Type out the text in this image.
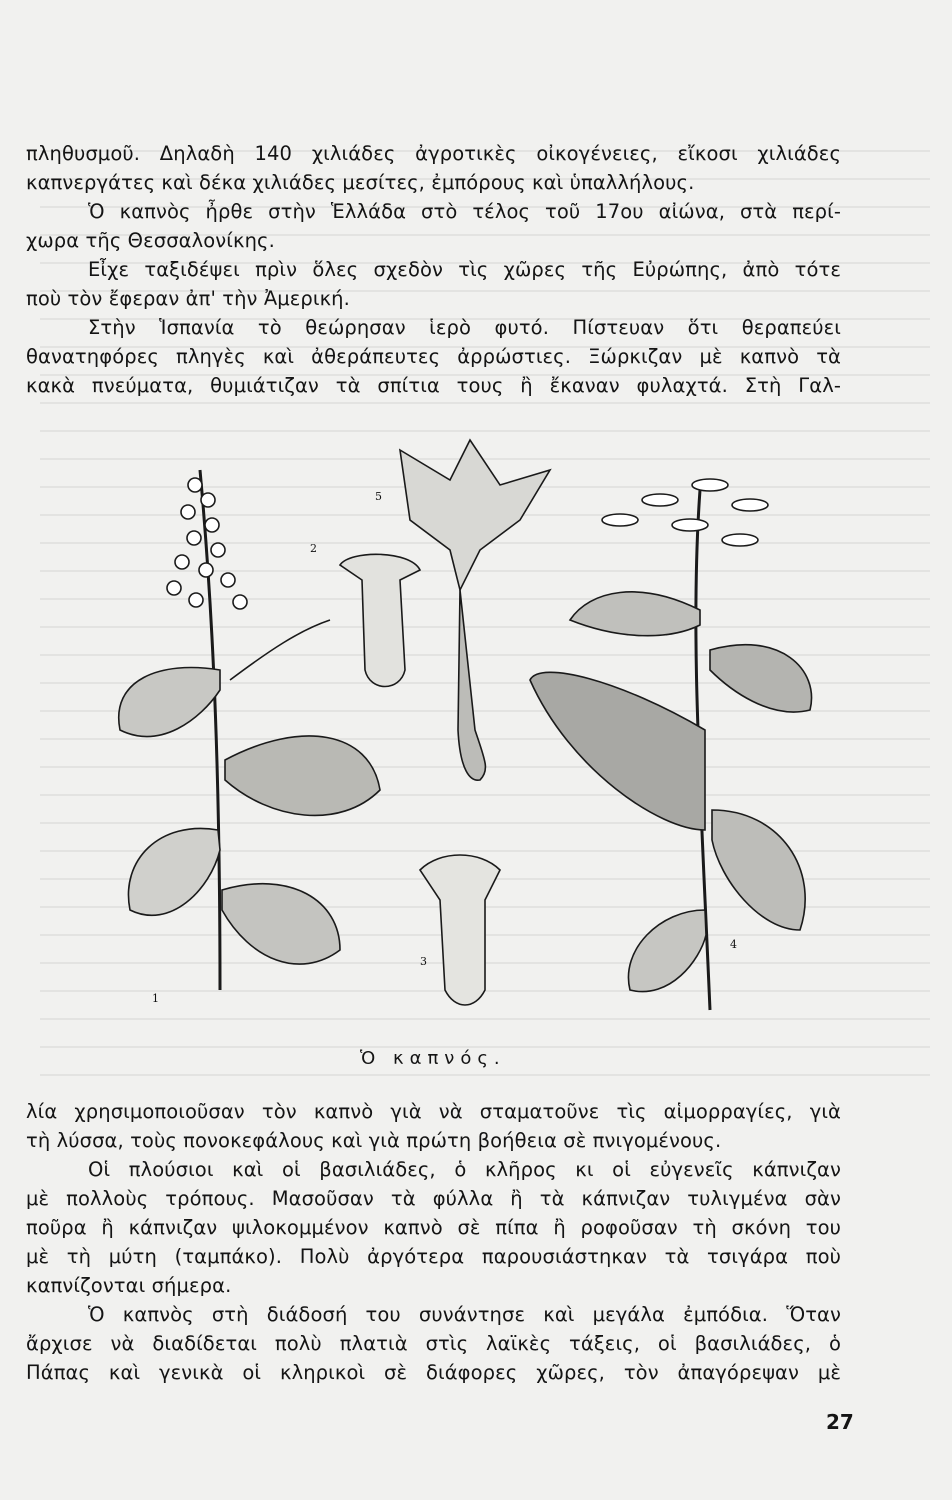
πληθυσμοῦ. Δηλαδὴ 140 χιλιάδες ἀγροτικὲς οἰκογένειες, εἴκοσι χιλιάδες
καπνεργάτες καὶ δέκα χιλιάδες μεσίτες, ἐμπόρους καὶ ὑπαλλήλους.
Ὁ καπνὸς ἦρθε στὴν Ἑλλάδα στὸ τέλος τοῦ 17ου αἰώνα, στὰ περί-
χωρα τῆς Θεσσαλονίκης.
Εἶχε ταξιδέψει πρὶν ὅλες σχεδὸν τὶς χῶρες τῆς Εὐρώπης, ἀπὸ τότε
ποὺ τὸν ἔφεραν ἀπ' τὴν Ἀμερική.
Στὴν Ἱσπανία τὸ θεώρησαν ἱερὸ φυτό. Πίστευαν ὅτι θεραπεύει
θανατηφόρες πληγὲς καὶ ἀθεράπευτες ἀρρώστιες. Ξώρκιζαν μὲ καπνὸ τὰ
κακὰ πνεύματα, θυμιάτιζαν τὰ σπίτια τους ἢ ἔκαναν φυλαχτά. Στὴ Γαλ-
1
2
3
4
5
Ὁ καπνός.
λία χρησιμοποιοῦσαν τὸν καπνὸ γιὰ νὰ σταματοῦνε τὶς αἱμορραγίες, γιὰ
τὴ λύσσα, τοὺς πονοκεφάλους καὶ γιὰ πρώτη βοήθεια σὲ πνιγομένους.
Οἱ πλούσιοι καὶ οἱ βασιλιάδες, ὁ κλῆρος κι οἱ εὐγενεῖς κάπνιζαν
μὲ πολλοὺς τρόπους. Μασοῦσαν τὰ φύλλα ἢ τὰ κάπνιζαν τυλιγμένα σὰν
ποῦρα ἢ κάπνιζαν ψιλοκομμένον καπνὸ σὲ πίπα ἢ ροφοῦσαν τὴ σκόνη του
μὲ τὴ μύτη (ταμπάκο). Πολὺ ἀργότερα παρουσιάστηκαν τὰ τσιγάρα ποὺ
καπνίζονται σήμερα.
Ὁ καπνὸς στὴ διάδοσή του συνάντησε καὶ μεγάλα ἐμπόδια. Ὅταν
ἄρχισε νὰ διαδίδεται πολὺ πλατιὰ στὶς λαϊκὲς τάξεις, οἱ βασιλιάδες, ὁ
Πάπας καὶ γενικὰ οἱ κληρικοὶ σὲ διάφορες χῶρες, τὸν ἀπαγόρεψαν μὲ
27
